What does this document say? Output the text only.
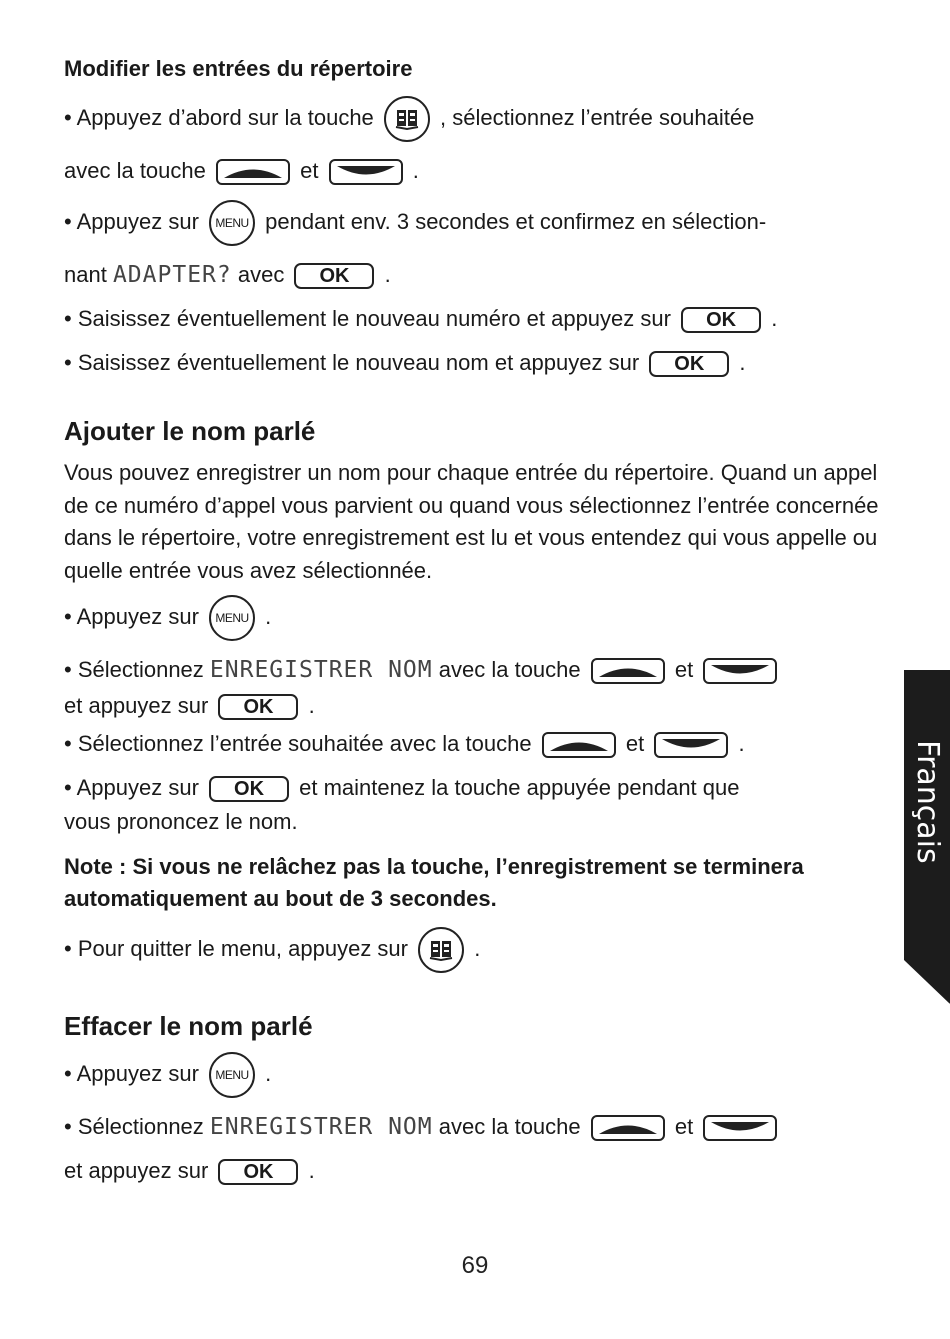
Modifier les entrées du répertoire
• Appuyez d’abord sur la touche	, sélectionnez l’entrée souhaitée
avec la touche	et	.
• Appuyez sur MENU pendant env. 3 secondes et confirmez en sélection-
nant ADAPTER? avec OK .
• Saisissez éventuellement le nouveau numéro et appuyez sur OK .
• Saisissez éventuellement le nouveau nom et appuyez sur OK .
Ajouter le nom parlé
Vous pouvez enregistrer un nom pour chaque entrée du répertoire. Quand un appel de ce numéro d’appel vous parvient ou quand vous sélectionnez l’entrée concernée dans le répertoire, votre enregistrement est lu et vous entendez qui vous appelle ou quelle entrée vous avez sélectionnée.
• Appuyez sur MENU .
• Sélectionnez ENREGISTRER NOM avec la touche	et
et appuyez sur OK .
• Sélectionnez l’entrée souhaitée avec la touche	et	.
• Appuyez sur OK et maintenez la touche appuyée pendant que
vous prononcez le nom.
Note : Si vous ne relâchez pas la touche, l’enregistrement se terminera automatiquement au bout de 3 secondes.
• Pour quitter le menu, appuyez sur	.
Effacer le nom parlé
• Appuyez sur MENU .
• Sélectionnez ENREGISTRER NOM avec la touche	et
et appuyez sur OK .
Français
69
